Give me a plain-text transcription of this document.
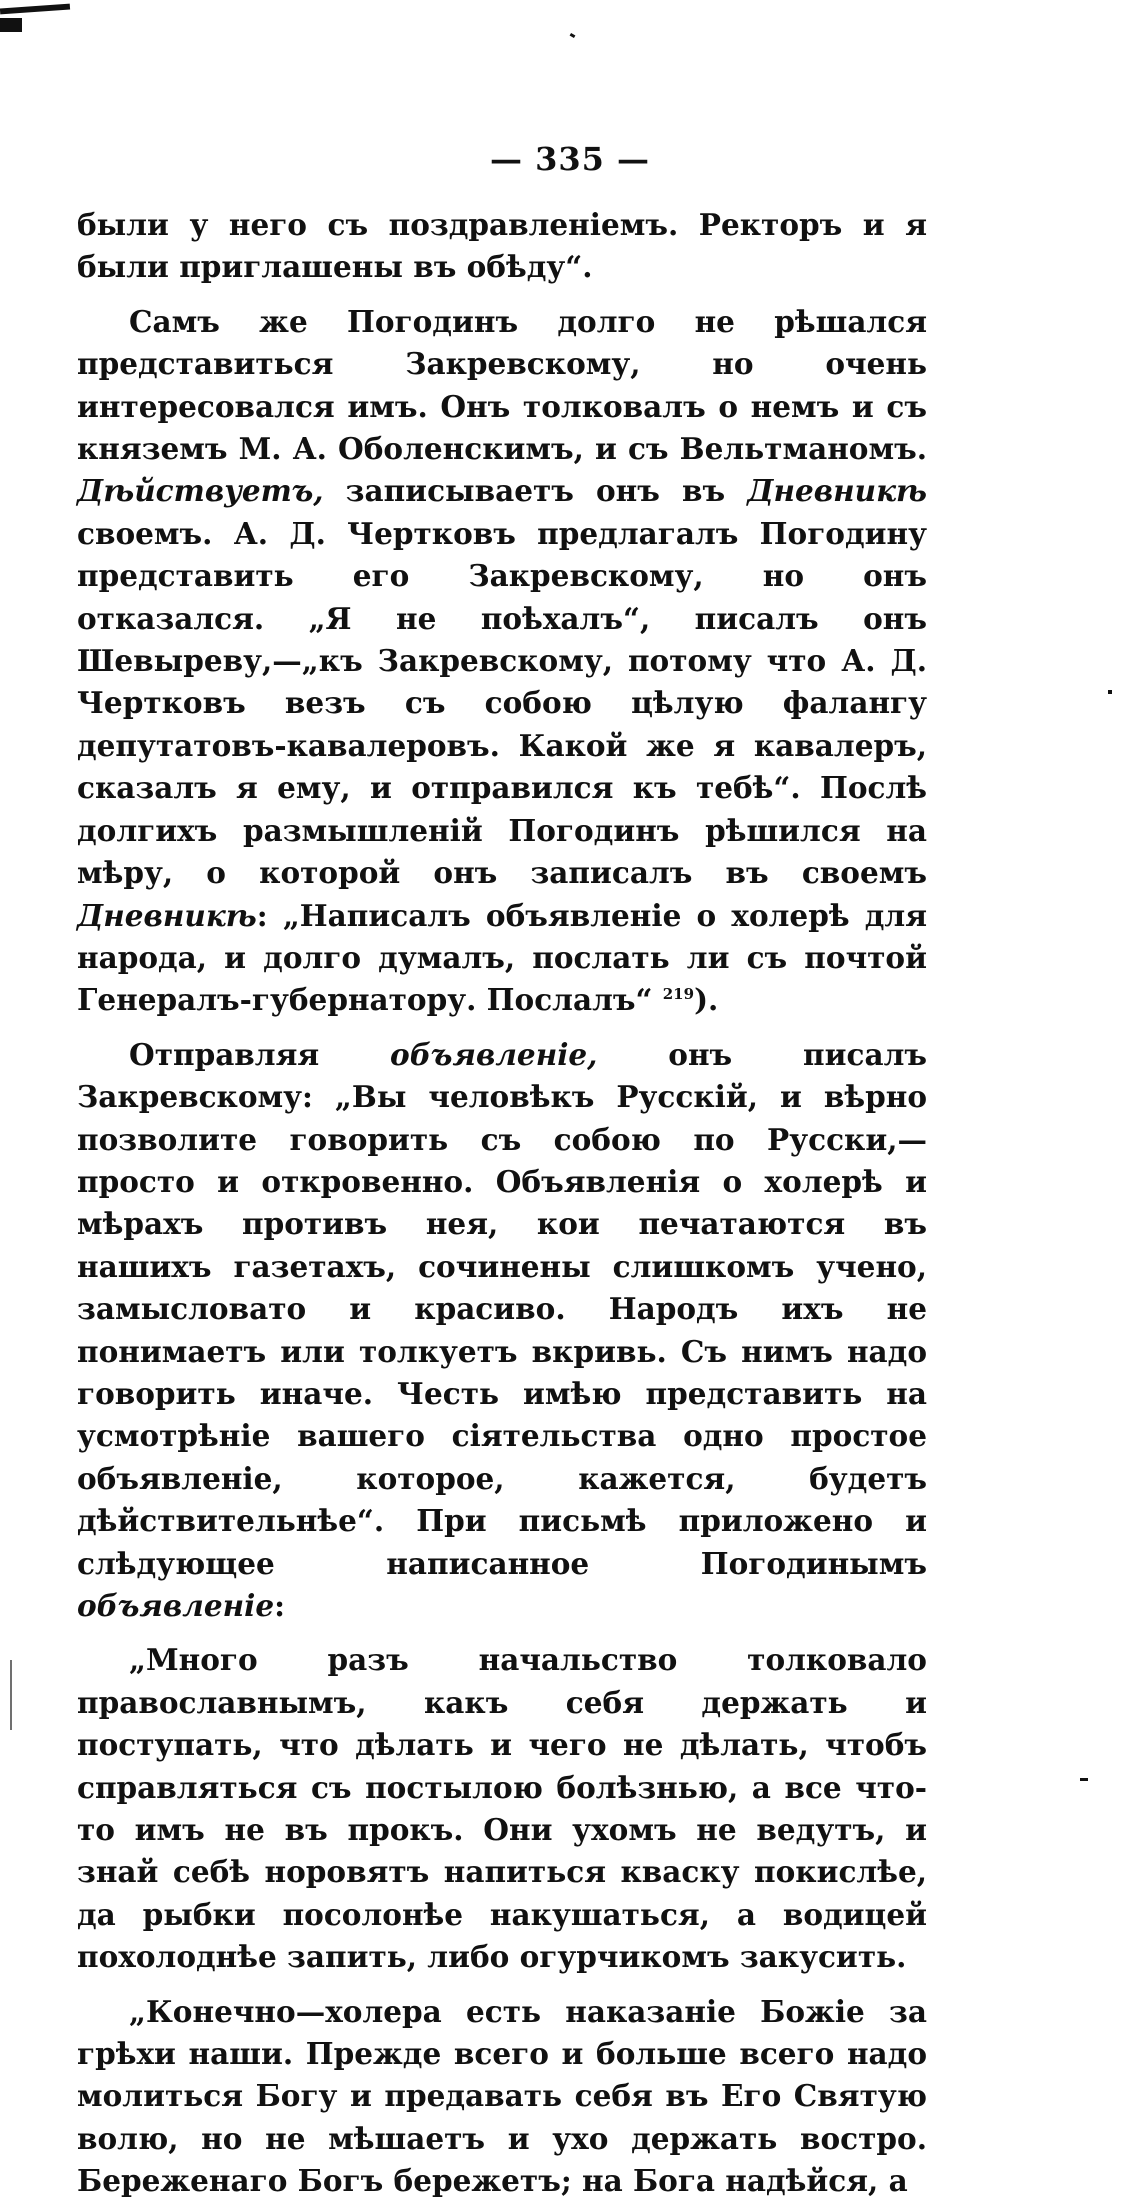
— 335 —

были у него съ поздравленіемъ. Ректоръ и я были приглашены въ обѣду“.

Самъ же Погодинъ долго не рѣшался представиться Закревскому, но очень интересовался имъ. Онъ толковалъ о немъ и съ княземъ М. А. Оболенскимъ, и съ Вельтманомъ. Дѣйствуетъ, записываетъ онъ въ Дневникѣ своемъ. А. Д. Чертковъ предлагалъ Погодину представить его Закревскому, но онъ отказался. „Я не поѣхалъ“, писалъ онъ Шевыреву,—„къ Закревскому, потому что А. Д. Чертковъ везъ съ собою цѣлую фалангу депутатовъ-кавалеровъ. Какой же я кавалеръ, сказалъ я ему, и отправился къ тебѣ“. Послѣ долгихъ размышленій Погодинъ рѣшился на мѣру, о которой онъ записалъ въ своемъ Дневникѣ: „Написалъ объявленіе о холерѣ для народа, и долго думалъ, послать ли съ почтой Генералъ-губернатору. Послалъ“ $^{219}$).

Отправляя объявленіе, онъ писалъ Закревскому: „Вы человѣкъ Русскій, и вѣрно позволите говорить съ собою по Русски,—просто и откровенно. Объявленія о холерѣ и мѣрахъ противъ нея, кои печатаются въ нашихъ газетахъ, сочинены слишкомъ учено, замысловато и красиво. Народъ ихъ не понимаетъ или толкуетъ вкривь. Съ нимъ надо говорить иначе. Честь имѣю представить на усмотрѣніе вашего сіятельства одно простое объявленіе, которое, кажется, будетъ дѣйствительнѣе“. При письмѣ приложено и слѣдующее написанное Погодинымъ объявленіе:

„Много разъ начальство толковало православнымъ, какъ себя держать и поступать, что дѣлать и чего не дѣлать, чтобъ справляться съ постылою болѣзнью, а все что-то имъ не въ прокъ. Они ухомъ не ведутъ, и знай себѣ норовятъ напиться кваску покислѣе, да рыбки посолонѣе накушаться, а водицей похолоднѣе запить, либо огурчикомъ закусить.

„Конечно—холера есть наказаніе Божіе за грѣхи наши. Прежде всего и больше всего надо молиться Богу и предавать себя въ Его Святую волю, но не мѣшаетъ и ухо держать востро. Береженаго Богъ бережетъ; на Бога надѣйся, а
